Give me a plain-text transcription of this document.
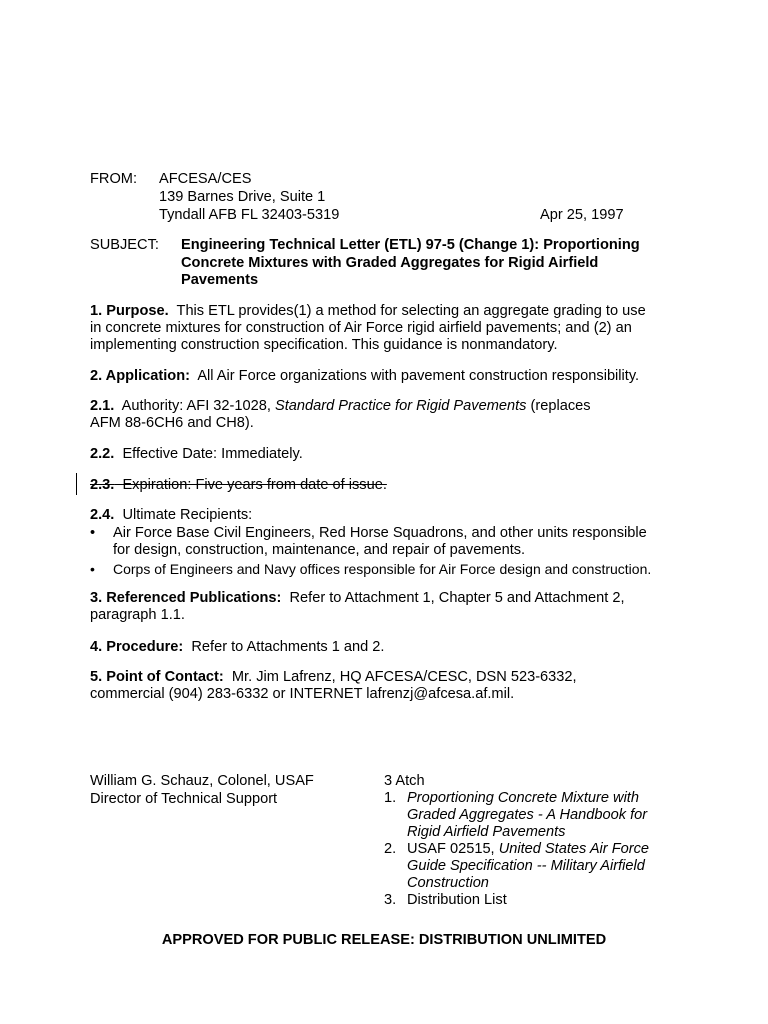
FROM: AFCESA/CES
139 Barnes Drive, Suite 1
Tyndall AFB FL 32403-5319	Apr 25, 1997
SUBJECT: Engineering Technical Letter (ETL) 97-5 (Change 1): Proportioning
Concrete Mixtures with Graded Aggregates for Rigid Airfield
Pavements

1. Purpose. This ETL provides(1) a method for selecting an aggregate grading to use

in concrete mixtures for construction of Air Force rigid airfield pavements; and (2) an

implementing construction specification. This guidance is nonmandatory.

2. Application: All Air Force organizations with pavement construction responsibility.

2.1. Authority: AFI 32-1028, Standard Practice for Rigid Pavements (replaces

AFM 88-6CH6 and CH8).

2.2. Effective Date: Immediately.

2.3. Expiration: Five years from date of issue.

2.4. Ultimate Recipients:

• Air Force Base Civil Engineers, Red Horse Squadrons, and other units responsible
for design, construction, maintenance, and repair of pavements.
• Corps of Engineers and Navy offices responsible for Air Force design and construction.

3. Referenced Publications: Refer to Attachment 1, Chapter 5 and Attachment 2,

paragraph 1.1.

4. Procedure: Refer to Attachments 1 and 2.

5. Point of Contact: Mr. Jim Lafrenz, HQ AFCESA/CESC, DSN 523-6332,

commercial (904) 283-6332 or INTERNET lafrenzj@afcesa.af.mil.

William G. Schauz, Colonel, USAF
Director of Technical Support
3 Atch
1. Proportioning Concrete Mixture with
Graded Aggregates - A Handbook for
Rigid Airfield Pavements
2. USAF 02515, United States Air Force
Guide Specification -- Military Airfield
Construction
3. Distribution List
APPROVED FOR PUBLIC RELEASE: DISTRIBUTION UNLIMITED
